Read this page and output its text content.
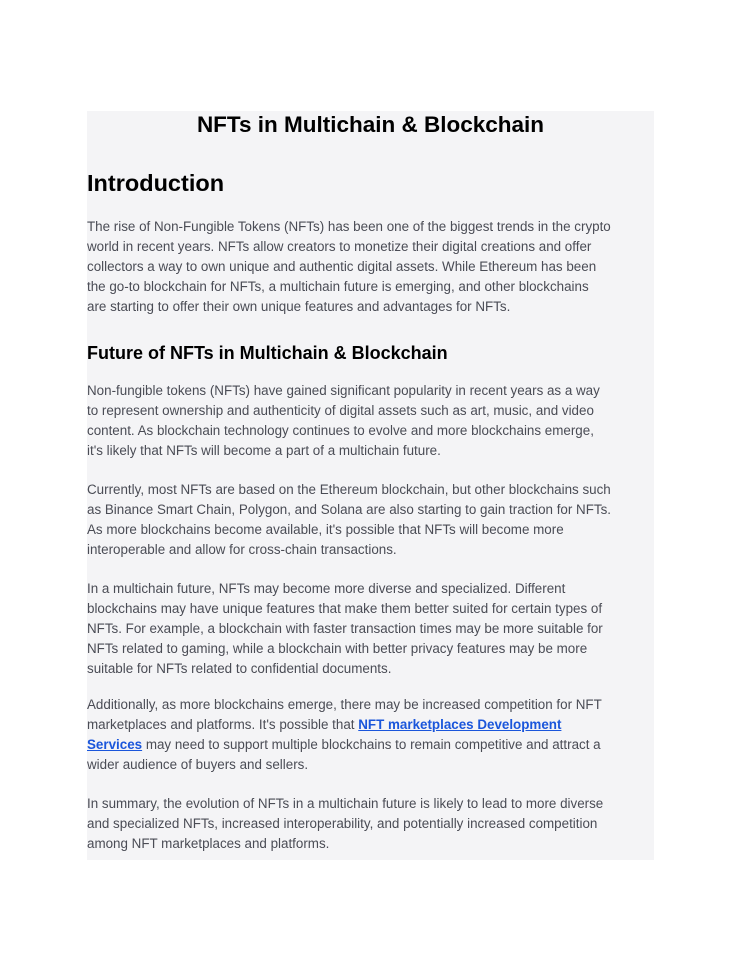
NFTs in Multichain & Blockchain
Introduction

The rise of Non-Fungible Tokens (NFTs) has been one of the biggest trends in the crypto
world in recent years. NFTs allow creators to monetize their digital creations and offer
collectors a way to own unique and authentic digital assets. While Ethereum has been
the go-to blockchain for NFTs, a multichain future is emerging, and other blockchains
are starting to offer their own unique features and advantages for NFTs.

Future of NFTs in Multichain & Blockchain

Non-fungible tokens (NFTs) have gained significant popularity in recent years as a way
to represent ownership and authenticity of digital assets such as art, music, and video
content. As blockchain technology continues to evolve and more blockchains emerge,
it's likely that NFTs will become a part of a multichain future.

Currently, most NFTs are based on the Ethereum blockchain, but other blockchains such
as Binance Smart Chain, Polygon, and Solana are also starting to gain traction for NFTs.
As more blockchains become available, it's possible that NFTs will become more
interoperable and allow for cross-chain transactions.

In a multichain future, NFTs may become more diverse and specialized. Different
blockchains may have unique features that make them better suited for certain types of
NFTs. For example, a blockchain with faster transaction times may be more suitable for
NFTs related to gaming, while a blockchain with better privacy features may be more
suitable for NFTs related to confidential documents.

Additionally, as more blockchains emerge, there may be increased competition for NFT
marketplaces and platforms. It's possible that NFT marketplaces Development
Services may need to support multiple blockchains to remain competitive and attract a
wider audience of buyers and sellers.

In summary, the evolution of NFTs in a multichain future is likely to lead to more diverse
and specialized NFTs, increased interoperability, and potentially increased competition
among NFT marketplaces and platforms.
